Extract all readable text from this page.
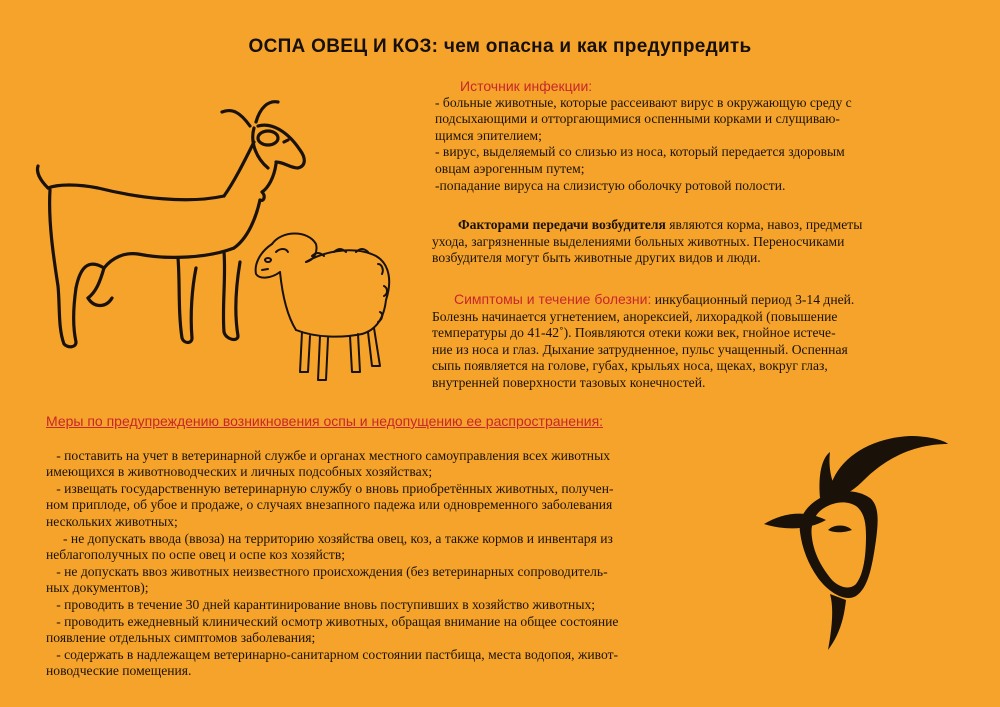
ОСПА ОВЕЦ И КОЗ: чем опасна и как предупредить
Источник инфекции:
- больные животные, которые рассеивают вирус в окружающую среду с
подсыхающими и отторгающимися оспенными корками и слущиваю-
щимся эпителием;
- вирус, выделяемый со слизью из носа, который передается здоровым
овцам аэрогенным путем;
-попадание вируса на слизистую оболочку ротовой полости.
Факторами передачи возбудителя являются корма, навоз, предметы
ухода, загрязненные выделениями больных животных. Переносчиками
возбудителя могут быть животные других видов и люди.
Симптомы и течение болезни: инкубационный период 3-14 дней.
Болезнь начинается угнетением, анорексией, лихорадкой (повышение
температуры до 41-42˚). Появляются отеки кожи век, гнойное истече-
ние из носа и глаз. Дыхание затрудненное, пульс учащенный. Оспенная
сыпь появляется на голове, губах, крыльях носа, щеках, вокруг глаз,
внутренней поверхности тазовых конечностей.
Меры по предупреждению возникновения оспы и недопущению ее распространения:
- поставить на учет в ветеринарной службе и органах местного самоуправления всех животных
имеющихся в животноводческих и личных подсобных хозяйствах;
- извещать государственную ветеринарную службу о вновь приобретённых животных, получен-
ном приплоде, об убое и продаже, о случаях внезапного падежа или одновременного заболевания
нескольких животных;
- не допускать ввода (ввоза) на территорию хозяйства овец, коз, а также кормов и инвентаря из
неблагополучных по оспе овец и оспе коз хозяйств;
- не допускать ввоз животных неизвестного происхождения (без ветеринарных сопроводитель-
ных документов);
- проводить в течение 30 дней карантинирование вновь поступивших в хозяйство животных;
- проводить ежедневный клинический осмотр животных, обращая внимание на общее состояние
появление отдельных симптомов заболевания;
- содержать в надлежащем ветеринарно-санитарном состоянии пастбища, места водопоя, живот-
новодческие помещения.
